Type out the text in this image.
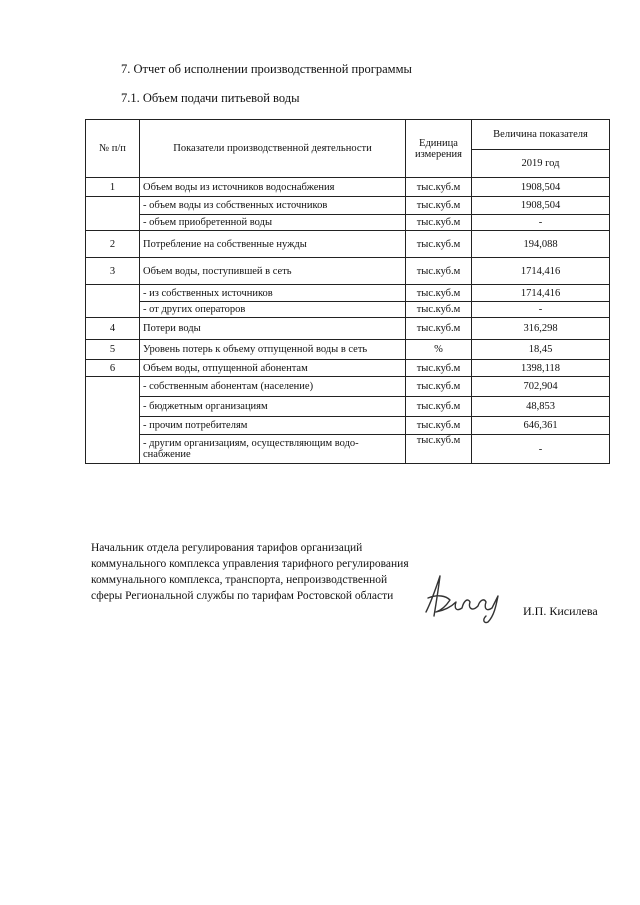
7. Отчет об исполнении производственной программы
7.1. Объем подачи питьевой воды
№ п/п	Показатели производственной деятельности	Единица измерения	Величина показателя
			2019 год
1	Объем воды из источников водоснабжения	тыс.куб.м	1908,504
	- объем воды из собственных источников	тыс.куб.м	1908,504
	- объем приобретенной воды	тыс.куб.м	-
2	Потребление на собственные нужды	тыс.куб.м	194,088
3	Объем воды, поступившей в сеть	тыс.куб.м	1714,416
	- из собственных источников	тыс.куб.м	1714,416
	- от других операторов	тыс.куб.м	-
4	Потери воды	тыс.куб.м	316,298
5	Уровень потерь к объему отпущенной воды в сеть	%	18,45
6	Объем воды, отпущенной абонентам	тыс.куб.м	1398,118
	- собственным абонентам (население)	тыс.куб.м	702,904
	- бюджетным организациям	тыс.куб.м	48,853
	- прочим потребителям	тыс.куб.м	646,361
	- другим организациям, осуществляющим водо-снабжение	тыс.куб.м	-
Начальник отдела регулирования тарифов организаций коммунального комплекса управления тарифного регулирования коммунального комплекса, транспорта, непроизводственной сферы Региональной службы по тарифам Ростовской области
И.П. Кисилева
